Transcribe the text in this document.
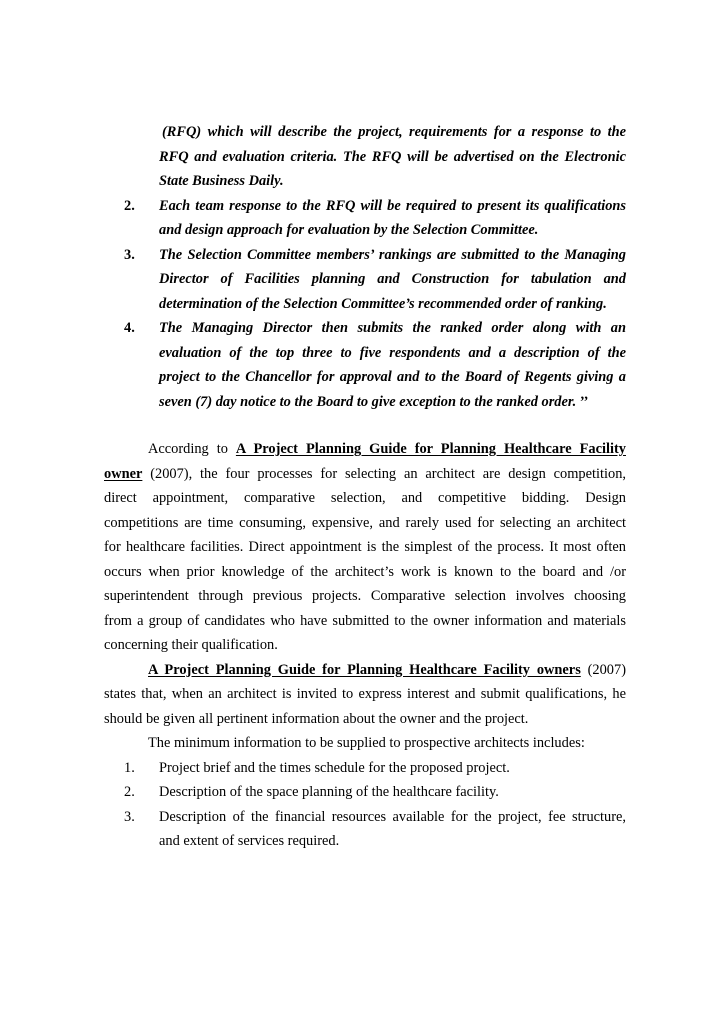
(RFQ) which will describe the project, requirements for a response to the
RFQ and evaluation criteria. The RFQ will be advertised on the Electronic
State Business Daily.
2. Each team response to the RFQ will be required to present its qualifications
and design approach for evaluation by the Selection Committee.
3. The Selection Committee members’ rankings are submitted to the Managing
Director of Facilities planning and Construction for tabulation and
determination of the Selection Committee’s recommended order of ranking.
4. The Managing Director then submits the ranked order along with an
evaluation of the top three to five respondents and a description of the
project to the Chancellor for approval and to the Board of Regents giving a
seven (7) day notice to the Board to give exception to the ranked order. ’’
According to A Project Planning Guide for Planning Healthcare Facility
owner (2007), the four processes for selecting an architect are design competition,
direct appointment, comparative selection, and competitive bidding. Design
competitions are time consuming, expensive, and rarely used for selecting an architect
for healthcare facilities. Direct appointment is the simplest of the process. It most often
occurs when prior knowledge of the architect’s work is known to the board and /or
superintendent through previous projects. Comparative selection involves choosing
from a group of candidates who have submitted to the owner information and materials
concerning their qualification.
A Project Planning Guide for Planning Healthcare Facility owners (2007)
states that, when an architect is invited to express interest and submit qualifications, he
should be given all pertinent information about the owner and the project.
The minimum information to be supplied to prospective architects includes:
1. Project brief and the times schedule for the proposed project.
2. Description of the space planning of the healthcare facility.
3. Description of the financial resources available for the project, fee structure,
and extent of services required.
